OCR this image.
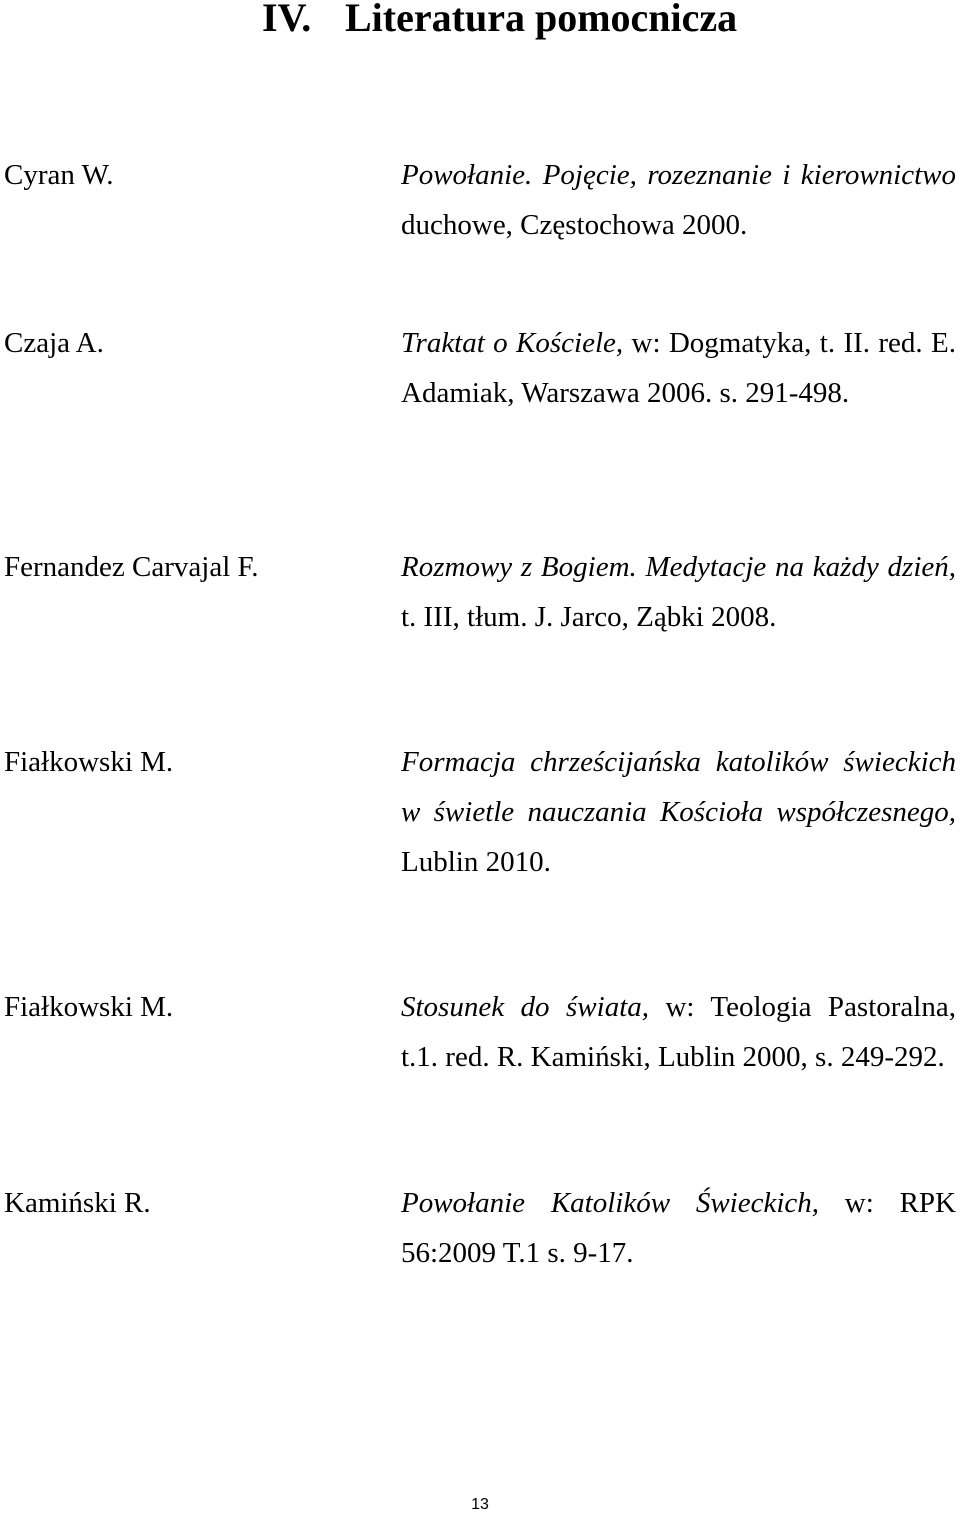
IV. Literatura pomocnicza
Cyran W.	Powołanie. Pojęcie, rozeznanie i kierownictwo
duchowe, Częstochowa 2000.
Czaja A.	Traktat o Kościele, w: Dogmatyka, t. II. red. E.
Adamiak, Warszawa 2006. s. 291-498.
Fernandez Carvajal F.	Rozmowy z Bogiem. Medytacje na każdy dzień,
t. III, tłum. J. Jarco, Ząbki 2008.
Fiałkowski M.	Formacja chrześcijańska katolików świeckich
w świetle nauczania Kościoła współczesnego,
Lublin 2010.
Fiałkowski M.	Stosunek do świata, w: Teologia Pastoralna,
t.1. red. R. Kamiński, Lublin 2000, s. 249-292.
Kamiński R.	Powołanie Katolików Świeckich, w: RPK
56:2009 T.1 s. 9-17.
13
